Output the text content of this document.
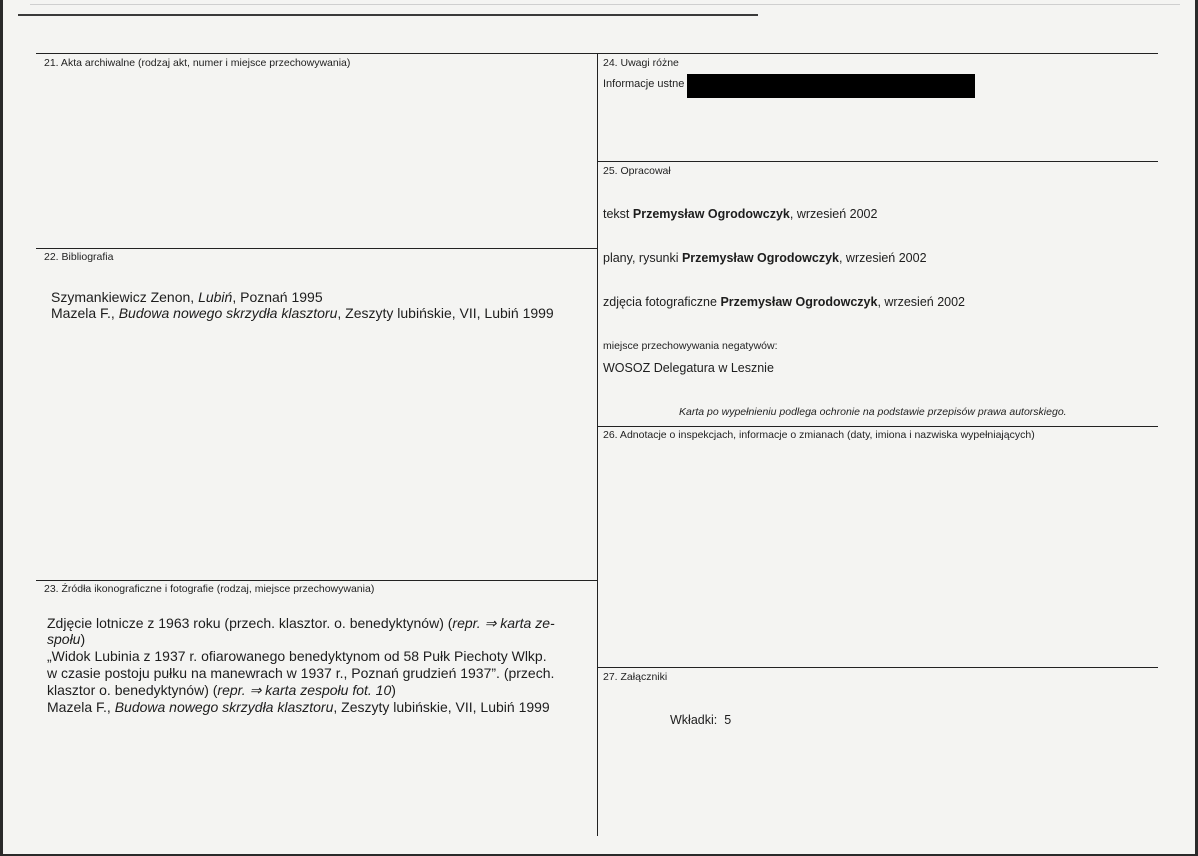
21. Akta archiwalne (rodzaj akt, numer i miejsce przechowywania)
22. Bibliografia
Szymankiewicz Zenon, Lubiń, Poznań 1995
Mazela F., Budowa nowego skrzydła klasztoru, Zeszyty lubińskie, VII, Lubiń 1999
23. Źródła ikonograficzne i fotografie (rodzaj, miejsce przechowywania)
Zdjęcie lotnicze z 1963 roku (przech. klasztor. o. benedyktynów) (repr. ⇒ karta ze-
społu)
„Widok Lubinia z 1937 r. ofiarowanego benedyktynom od 58 Pułk Piechoty Wlkp.
w czasie postoju pułku na manewrach w 1937 r., Poznań grudzień 1937”. (przech.
klasztor o. benedyktynów) (repr. ⇒ karta zespołu fot. 10)
Mazela F., Budowa nowego skrzydła klasztoru, Zeszyty lubińskie, VII, Lubiń 1999
24. Uwagi różne
Informacje ustne
25. Opracował
tekst Przemysław Ogrodowczyk, wrzesień 2002
plany, rysunki Przemysław Ogrodowczyk, wrzesień 2002
zdjęcia fotograficzne Przemysław Ogrodowczyk, wrzesień 2002
miejsce przechowywania negatywów:
WOSOZ Delegatura w Lesznie
Karta po wypełnieniu podlega ochronie na podstawie przepisów prawa autorskiego.
26. Adnotacje o inspekcjach, informacje o zmianach (daty, imiona i nazwiska wypełniających)
27. Załączniki
Wkładki: 5
